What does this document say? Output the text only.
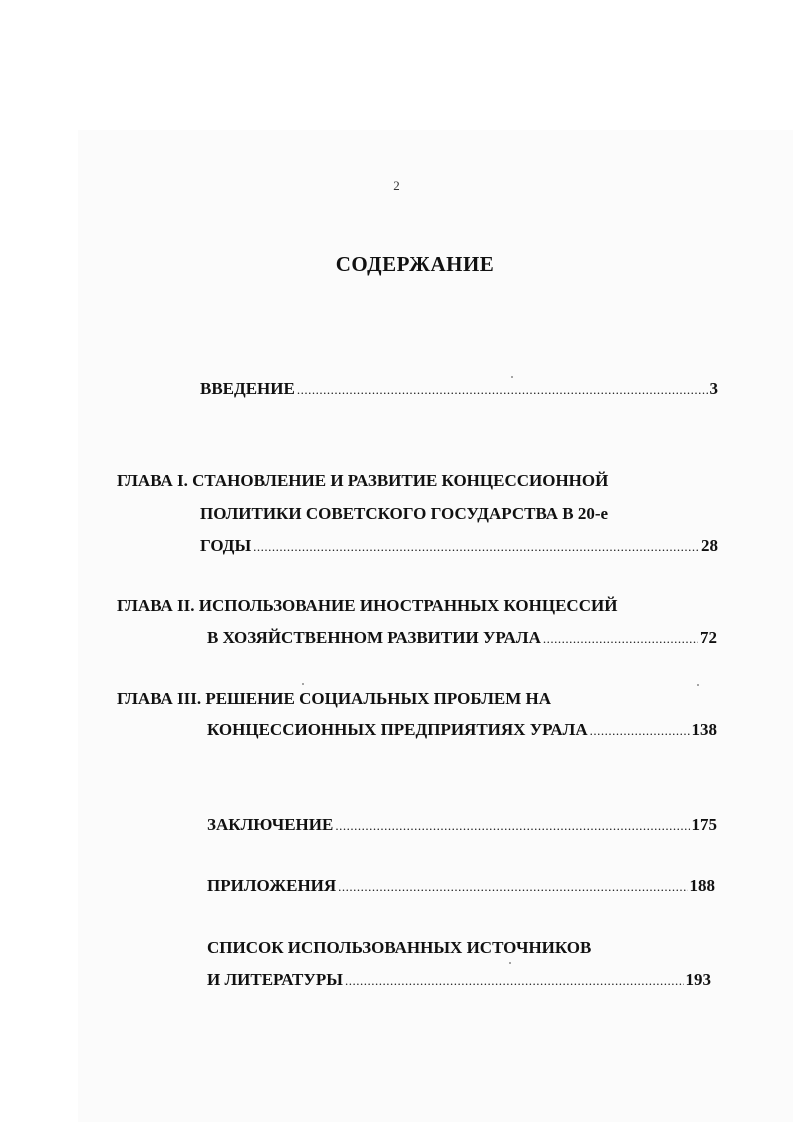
2
СОДЕРЖАНИЕ
ВВЕДЕНИЕ .....	3
ГЛАВА I. СТАНОВЛЕНИЕ И РАЗВИТИЕ КОНЦЕССИОННОЙ
ПОЛИТИКИ СОВЕТСКОГО ГОСУДАРСТВА В 20-е
ГОДЫ .....	28
ГЛАВА II. ИСПОЛЬЗОВАНИЕ ИНОСТРАННЫХ КОНЦЕССИЙ
В ХОЗЯЙСТВЕННОМ РАЗВИТИИ УРАЛА .....	72
ГЛАВА III. РЕШЕНИЕ СОЦИАЛЬНЫХ ПРОБЛЕМ НА
КОНЦЕССИОННЫХ ПРЕДПРИЯТИЯХ УРАЛА .....	138
ЗАКЛЮЧЕНИЕ .....	175
ПРИЛОЖЕНИЯ .....	188
СПИСОК ИСПОЛЬЗОВАННЫХ ИСТОЧНИКОВ
И ЛИТЕРАТУРЫ .....	193
